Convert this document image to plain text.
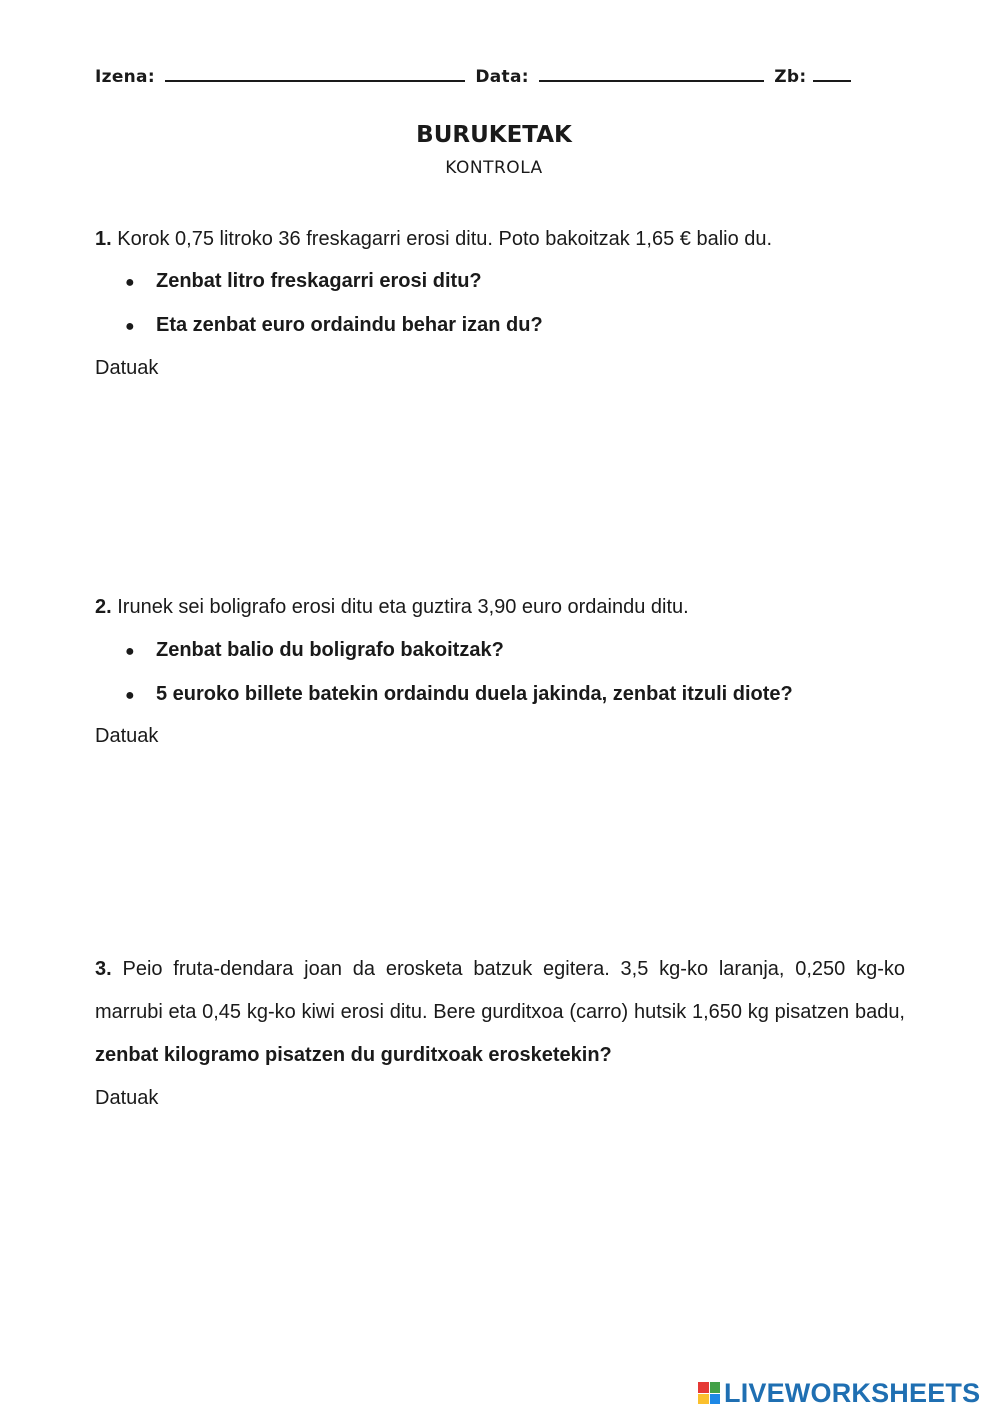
Izena:	Data:	Zb:
BURUKETAK
KONTROLA
1. Korok 0,75 litroko 36 freskagarri erosi ditu. Poto bakoitzak 1,65 € balio du.
● Zenbat litro freskagarri erosi ditu?
● Eta zenbat euro ordaindu behar izan du?
Datuak
2. Irunek sei boligrafo erosi ditu eta guztira 3,90 euro ordaindu ditu.
● Zenbat balio du boligrafo bakoitzak?
● 5 euroko billete batekin ordaindu duela jakinda, zenbat itzuli diote?
Datuak
3. Peio fruta-dendara joan da erosketa batzuk egitera. 3,5 kg-ko laranja, 0,250 kg-ko marrubi eta 0,45 kg-ko kiwi erosi ditu. Bere gurditxoa (carro) hutsik 1,650 kg pisatzen badu, zenbat kilogramo pisatzen du gurditxoak erosketekin?
Datuak
LIVEWORKSHEETS
